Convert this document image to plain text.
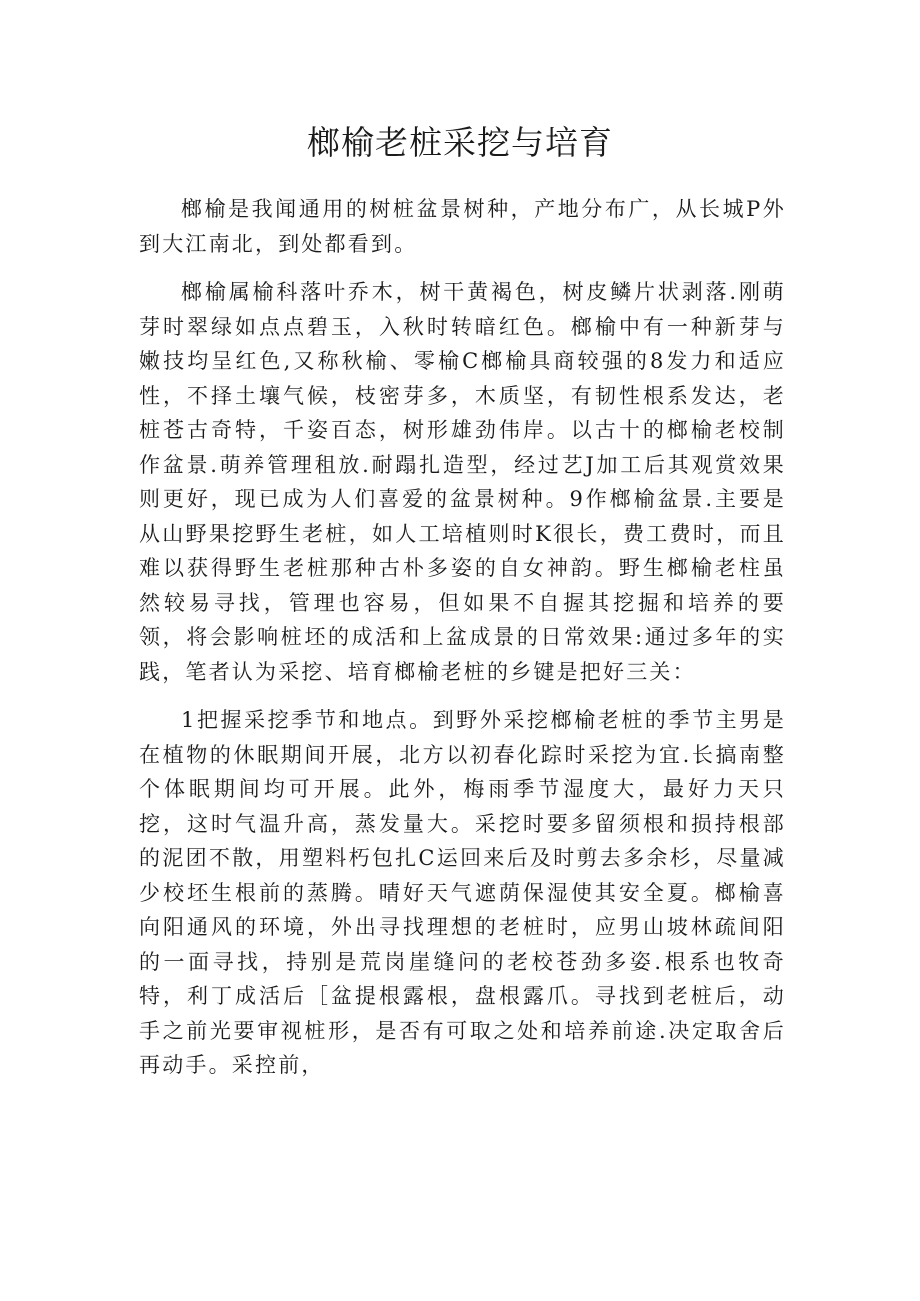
榔榆老桩采挖与培育

榔榆是我闻通用的树桩盆景树种，产地分布广，从长城P外到大江南北，到处都看到。

榔榆属榆科落叶乔木，树干黄褐色，树皮鳞片状剥落.刚萌芽时翠绿如点点碧玉，入秋时转暗红色。榔榆中有一种新芽与嫩技均呈红色,又称秋榆、零榆C榔榆具商较强的8发力和适应性，不择土壤气候，枝密芽多，木质坚，有韧性根系发达，老桩苍古奇特，千姿百态，树形雄劲伟岸。以古十的榔榆老校制作盆景.萌养管理租放.耐蹋扎造型，经过艺J加工后其观赏效果则更好，现已成为人们喜爱的盆景树种。9作榔榆盆景.主要是从山野果挖野生老桩，如人工培植则时K很长，费工费时，而且难以获得野生老桩那种古朴多姿的自女神韵。野生榔榆老柱虽然较易寻找，管理也容易，但如果不自握其挖掘和培养的要领，将会影响桩坯的成活和上盆成景的日常效果:通过多年的实践，笔者认为采挖、培育榔榆老桩的乡键是把好三关：

1把握采挖季节和地点。到野外采挖榔榆老桩的季节主男是在植物的休眠期间开展，北方以初春化踪时采挖为宜.长搞南整个体眠期间均可开展。此外，梅雨季节湿度大，最好力天只挖，这时气温升高，蒸发量大。采挖时要多留须根和损持根部的泥团不散，用塑料朽包扎C运回来后及时剪去多余杉，尽量减少校坯生根前的蒸腾。晴好天气遮荫保湿使其安全夏。榔榆喜向阳通风的环境，外出寻找理想的老桩时，应男山坡林疏间阳的一面寻找，持别是荒岗崖缝问的老校苍劲多姿.根系也牧奇特，利丁成活后［盆提根露根，盘根露爪。寻找到老桩后，动手之前光要审视桩形，是否有可取之处和培养前途.决定取舍后再动手。采控前，
